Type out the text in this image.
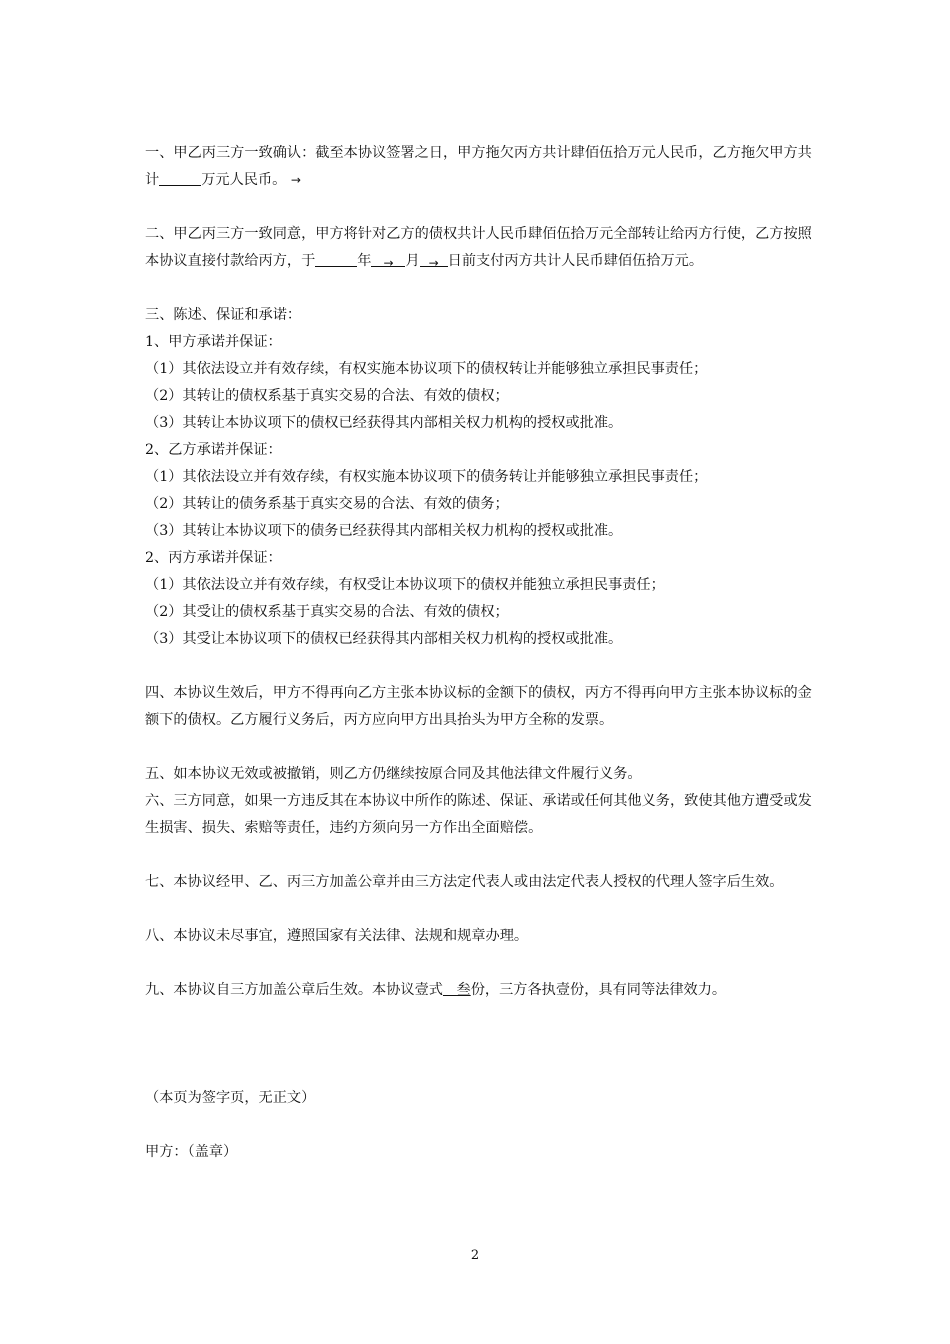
一、甲乙丙三方一致确认：截至本协议签署之日，甲方拖欠丙方共计肆佰伍拾万元人民币，乙方拖欠甲方共计	万元人民币。 →

二、甲乙丙三方一致同意，甲方将针对乙方的债权共计人民币肆佰伍拾万元全部转让给丙方行使，乙方按照本协议直接付款给丙方，于	年 → 月 → 日前支付丙方共计人民币肆佰伍拾万元。

三、陈述、保证和承诺：

1、甲方承诺并保证：

（1）其依法设立并有效存续，有权实施本协议项下的债权转让并能够独立承担民事责任；

（2）其转让的债权系基于真实交易的合法、有效的债权；

（3）其转让本协议项下的债权已经获得其内部相关权力机构的授权或批准。

2、乙方承诺并保证：

（1）其依法设立并有效存续，有权实施本协议项下的债务转让并能够独立承担民事责任；

（2）其转让的债务系基于真实交易的合法、有效的债务；

（3）其转让本协议项下的债务已经获得其内部相关权力机构的授权或批准。

2、丙方承诺并保证：

（1）其依法设立并有效存续，有权受让本协议项下的债权并能独立承担民事责任；

（2）其受让的债权系基于真实交易的合法、有效的债权；

（3）其受让本协议项下的债权已经获得其内部相关权力机构的授权或批准。

四、本协议生效后，甲方不得再向乙方主张本协议标的金额下的债权，丙方不得再向甲方主张本协议标的金额下的债权。乙方履行义务后，丙方应向甲方出具抬头为甲方全称的发票。

五、如本协议无效或被撤销，则乙方仍继续按原合同及其他法律文件履行义务。

六、三方同意，如果一方违反其在本协议中所作的陈述、保证、承诺或任何其他义务，致使其他方遭受或发生损害、损失、索赔等责任，违约方须向另一方作出全面赔偿。

七、本协议经甲、乙、丙三方加盖公章并由三方法定代表人或由法定代表人授权的代理人签字后生效。

八、本协议未尽事宜，遵照国家有关法律、法规和规章办理。

九、本协议自三方加盖公章后生效。本协议壹式 叁份，三方各执壹份，具有同等法律效力。

（本页为签字页，无正文）

甲方：（盖章）

2
